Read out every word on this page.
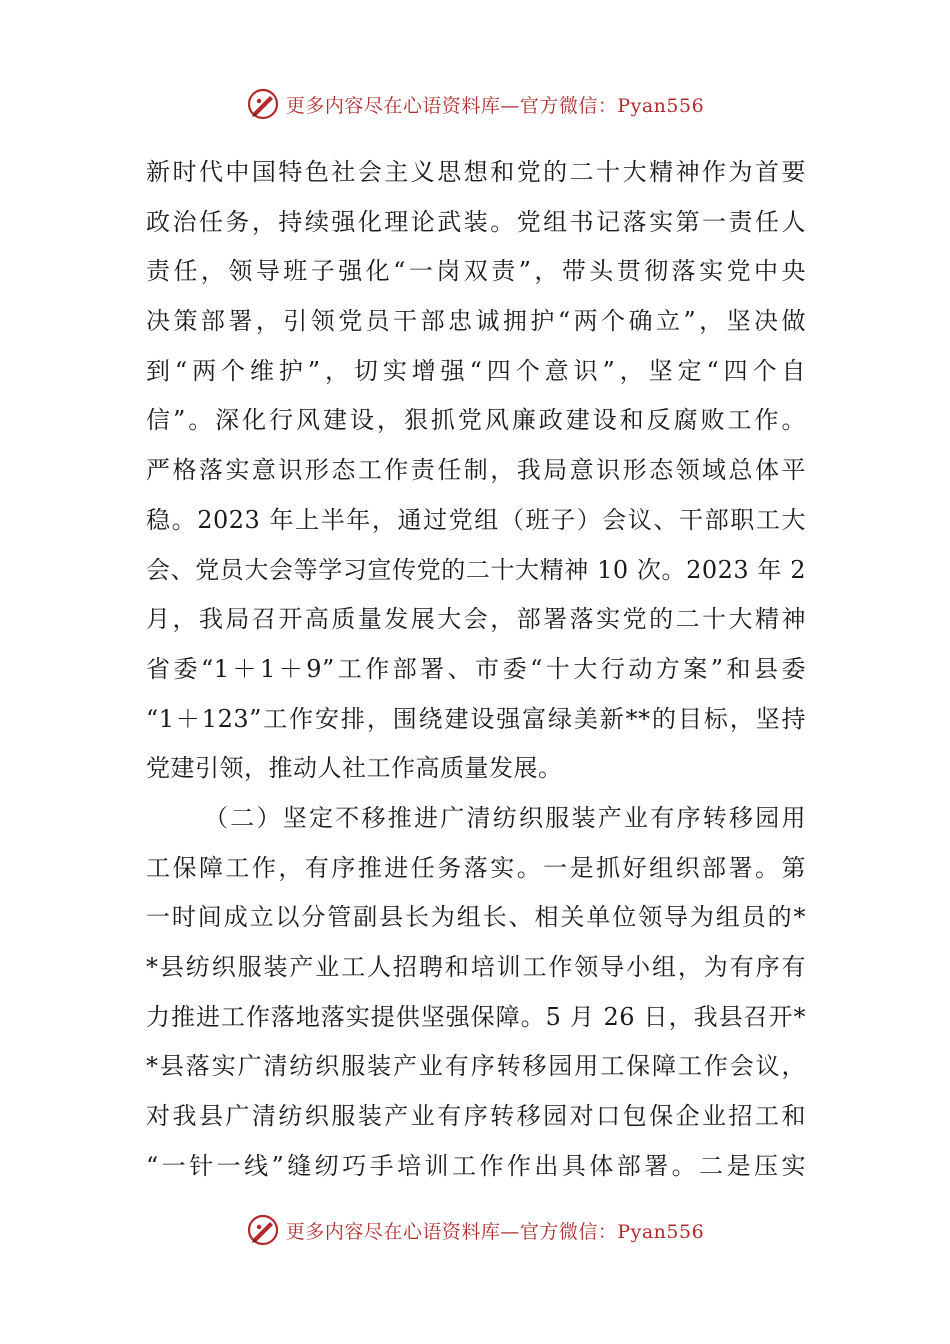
更多内容尽在心语资料库—官方微信：Pyan556
新时代中国特色社会主义思想和党的二十大精神作为首要
政治任务，持续强化理论武装。党组书记落实第一责任人
责任，领导班子强化“一岗双责”，带头贯彻落实党中央
决策部署，引领党员干部忠诚拥护“两个确立”，坚决做
到“两个维护”，切实增强“四个意识”，坚定“四个自
信”。深化行风建设，狠抓党风廉政建设和反腐败工作。
严格落实意识形态工作责任制，我局意识形态领域总体平
稳。2023 年上半年，通过党组（班子）会议、干部职工大
会、党员大会等学习宣传党的二十大精神 10 次。2023 年 2
月，我局召开高质量发展大会，部署落实党的二十大精神
省委“1＋1＋9”工作部署、市委“十大行动方案”和县委
“1＋123”工作安排，围绕建设强富绿美新**的目标，坚持
党建引领，推动人社工作高质量发展。
（二）坚定不移推进广清纺织服装产业有序转移园用
工保障工作，有序推进任务落实。一是抓好组织部署。第
一时间成立以分管副县长为组长、相关单位领导为组员的*
*县纺织服装产业工人招聘和培训工作领导小组，为有序有
力推进工作落地落实提供坚强保障。5 月 26 日，我县召开*
*县落实广清纺织服装产业有序转移园用工保障工作会议，
对我县广清纺织服装产业有序转移园对口包保企业招工和
“一针一线”缝纫巧手培训工作作出具体部署。二是压实
更多内容尽在心语资料库—官方微信：Pyan556
